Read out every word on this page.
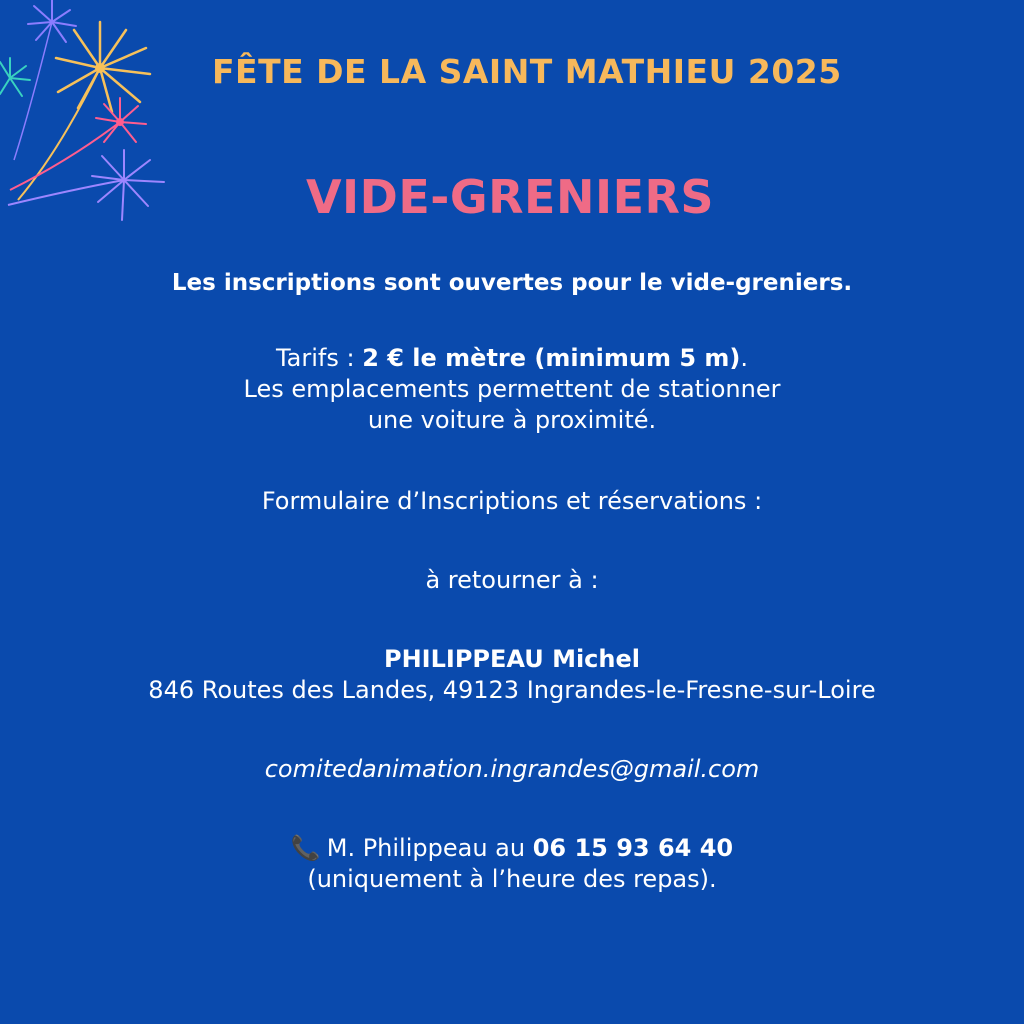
FÊTE DE LA SAINT MATHIEU 2025
VIDE-GRENIERS
Les inscriptions sont ouvertes pour le vide-greniers.
Tarifs : 2 € le mètre (minimum 5 m).
Les emplacements permettent de stationner
une voiture à proximité.
Formulaire d’Inscriptions et réservations :
à retourner à :
PHILIPPEAU Michel
846 Routes des Landes, 49123 Ingrandes-le-Fresne-sur-Loire
comitedanimation.ingrandes@gmail.com
📞 M. Philippeau au 06 15 93 64 40
(uniquement à l’heure des repas).
